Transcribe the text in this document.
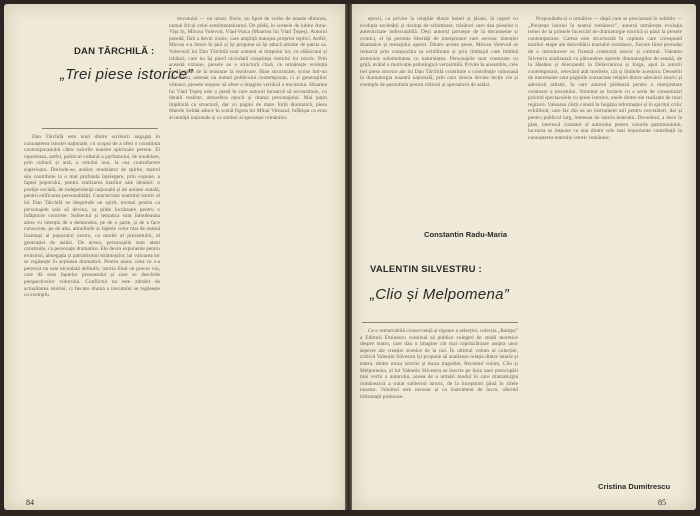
DAN TĂRCHILĂ :
„Trei piese istorice”

Dan Tărchilă este unul dintre scriitorii angajați în cunoașterea istoriei naționale, cu scopul de a oferi o constiința contemporanului câtre valorile noastre spirituale perene. El raporteaza, astfel, politicul cultural a parfumului, de modelare, prin cultură și artă, a omului nou, la cea contrafacere superioara. Dorindu-se, audior, modelator de spirite, teatrul său contribuie la o mai profunda înțelegere, prin expune, a faptei poporului, pentru realizarea marilor sale idealuri: o poziție socială, de independență națională și de unitate statală, pentru edificarea personalității. Caracteristic teatrului istoric al lui Dan Tărchilă se desprinde un spirit, tocmai pentru ca personajele sale să devina, ca pilde lucrătoare pentru o înfăptuire concrete. Subiectul și tematica sunt întotdeauna alese cu intenția de a demonstra, pe de o parte, și de a face cunoscute, pe de alta, atitudinile și faptele celor mai de seamă înaintași ai poporului nostru, ca model al prezentului, al generației de astăzi. De aceea, personajele sunt atent construite, ca personaje dramatice. Ele devin exponente pentru eroismul, abnegația și patriotismul strămoșilor, iar valoarea lor se regăsește în acțiunea dramatică. Pentru autor, ceea ce s-a petrecut nu este niciodată definitiv, istoria fiind un proces viu, care dă sens faptelor prezentului și care se deschide perspectivelor viitorului. Conflictul nu este zdrobit de actualitatea istoriei, ci fiecare dramă a trecutului se regăsește ca exemplu.

trecutului — un unsor, fiorie, nu lipsit de vorbe de noaste dinimos, numai fricai celui sentimentalismul. De pildă, în scenele de iubire Ama-Vișa în, Mircea Voievod, Vlad-Voica (Moartea lui Vlad Țepeș). Autorul poredă, fără a devni ironic, care ampliță maiujea propriei replici. Astfel, Mircea s-a întors în țară și își propune să își aducă aminte de patria sa. Voievozii lui Dan Tărchilă sunt oameni ai timpului lor, cu slăbiciuni și izbânzi, care nu își pierd niciodată conștiința rostului lor istoric. Prin această viziune, piesele au o structură clară, ce urmărește evoluția conflictului de la tensiune la rezolvare. Bine structurate, scrise într-un stil sobru, adresat nu numai publicului contemporan, ci și generațiilor viitoare, piesele reușesc să ofere o imagine veridică a trecutului. Moartea lui Vlad Țepeș este o piesă în care autorul încearcă să reconstituie, cu detalii realiste, atmosfera epocii și drama personajului. Mai puțin împlinită ca structură, dar cu pagini de mare forță dramatică, piesa Marele Soldat aduce în scenă figura lui Mihai Viteazul, înfățișat ca erou al unității naționale și ca simbol al speranței românilor.

84

epocii, ca privire la relațiile dintre boieri și țărani, în raport cu evoluția societății și dorința de schimbare, trăsături care dau pieselor o autenticitate indiscutabilă. Deși autorul pornește de la documente și cronici, el își permite libertăți de interpretare care servesc intenției dramatice și mesajului operei. Dintre aceste piese, Mircea Voievod se remarcă prin compoziția sa echilibrată și prin limbajul care îmbină armonios solemnitatea cu naturalețea. Personajele sunt conturate cu grijă, având o motivație psihologică verosimilă. Privite în ansamblu, cele trei piese istorice ale lui Dan Tărchilă constituie o contribuție valoroasă la dramaturgia noastră națională, prin care istoria devine lecție vie și exemplu de patriotism pentru cititorii și spectatorii de astăzi.

Constantin Radu-Maria
VALENTIN SILVESTRU :
„Clio și Melpomena”

Ce o remarcabilă consecvență și rigoare a selecției, colecția „Rampa” a Editurii Eminescu continuă să publice culegeri de studii teoretice despre teatru, care dau o imagine cât mai cuprinzătoare asupra unor aspecte ale creației scenice de la noi. În ultimul volum al colecției, criticul Valentin Silvestru își propune să analizeze relația dintre istorie și teatru, dintre muza istoriei și muza tragediei. Recentul volum, Clio și Melpomena, al lui Valentin Silvestru se înscrie pe linia unei preocupări mai vechi a autorului, aceea de a urmări modul în care dramaturgia românească a tratat subiectul istoric, de la începuturi până în zilele noastre. Volumul este necesar și ca instrument de lucru, oferind informații prețioase.

Propunându-și o urmărire — după cum se precizează în subtitlu — „Prezența istoriei în teatrul românesc”, autorul urmărește evoluția temei de la primele încercări de dramaturgie istorică și până la piesele contemporane. Cartea este structurată în capitole care corespund marilor etape ale dezvoltării teatrului românesc, fiecare fiind precedat de o introducere ce fixează contextul istoric și cultural. Valentin Silvestru analizează cu pătrundere operele dramaturgilor de seamă, de la Hasdeu și Alecsandri la Delavrancea și Iorga, apoi la autorii contemporani, relevând atât meritele, cât și limitele acestora. Deosebit de interesante sunt paginile consacrate relației dintre adevărul istoric și adevărul artistic, în care autorul pledează pentru o interpretare creatoare a trecutului. Volumul se încheie cu o serie de consemnări privind spectacolele cu piese istorice, unele dintre ele realizate de mari regizori. Valoarea cărții constă în bogăția informației și în spiritul critic echilibrat, care fac din ea un instrument util pentru cercetători, dar și pentru publicul larg, interesat de istoria teatrului. Dovedind, a duce la plan, interesul constant al autorului pentru valorile patrimoniului, lucrarea se impune ca una dintre cele mai importante contribuții la cunoașterea teatrului istoric românesc.

Cristina Dumitrescu
85
